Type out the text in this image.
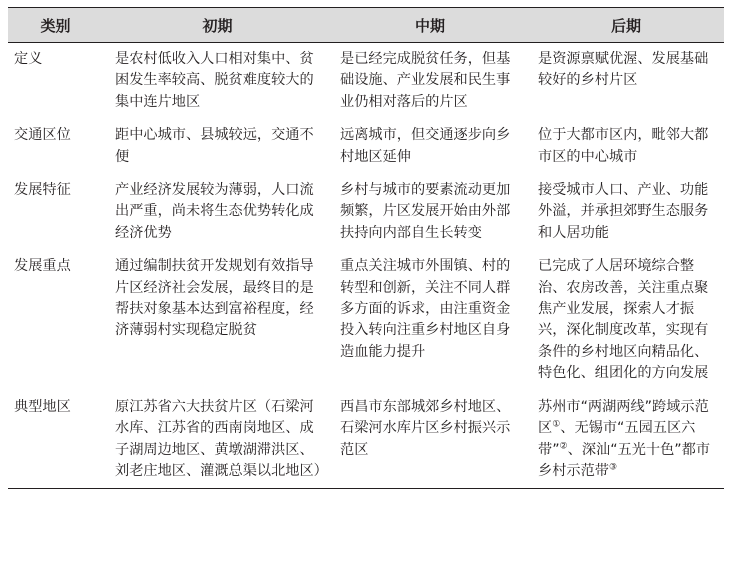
类别	初期	中期	后期
定义	是农村低收入人口相对集中、贫困发生率较高、脱贫难度较大的集中连片地区	是已经完成脱贫任务，但基础设施、产业发展和民生事业仍相对落后的片区	是资源禀赋优渥、发展基础较好的乡村片区
交通区位	距中心城市、县城较远，交通不便	远离城市，但交通逐步向乡村地区延伸	位于大都市区内，毗邻大都市区的中心城市
发展特征	产业经济发展较为薄弱，人口流出严重，尚未将生态优势转化成经济优势	乡村与城市的要素流动更加频繁，片区发展开始由外部扶持向内部自生长转变	接受城市人口、产业、功能外溢，并承担郊野生态服务和人居功能
发展重点	通过编制扶贫开发规划有效指导片区经济社会发展，最终目的是帮扶对象基本达到富裕程度，经济薄弱村实现稳定脱贫	重点关注城市外围镇、村的转型和创新，关注不同人群多方面的诉求，由注重资金投入转向注重乡村地区自身造血能力提升	已完成了人居环境综合整治、农房改善，关注重点聚焦产业发展，探索人才振兴，深化制度改革，实现有条件的乡村地区向精品化、特色化、组团化的方向发展
典型地区	原江苏省六大扶贫片区（石梁河水库、江苏省的西南岗地区、成子湖周边地区、黄墩湖滞洪区、刘老庄地区、灌溉总渠以北地区）	西昌市东部城郊乡村地区、石梁河水库片区乡村振兴示范区	苏州市“两湖两线”跨域示范区①、无锡市“五园五区六带”②、深汕“五光十色”都市乡村示范带③
